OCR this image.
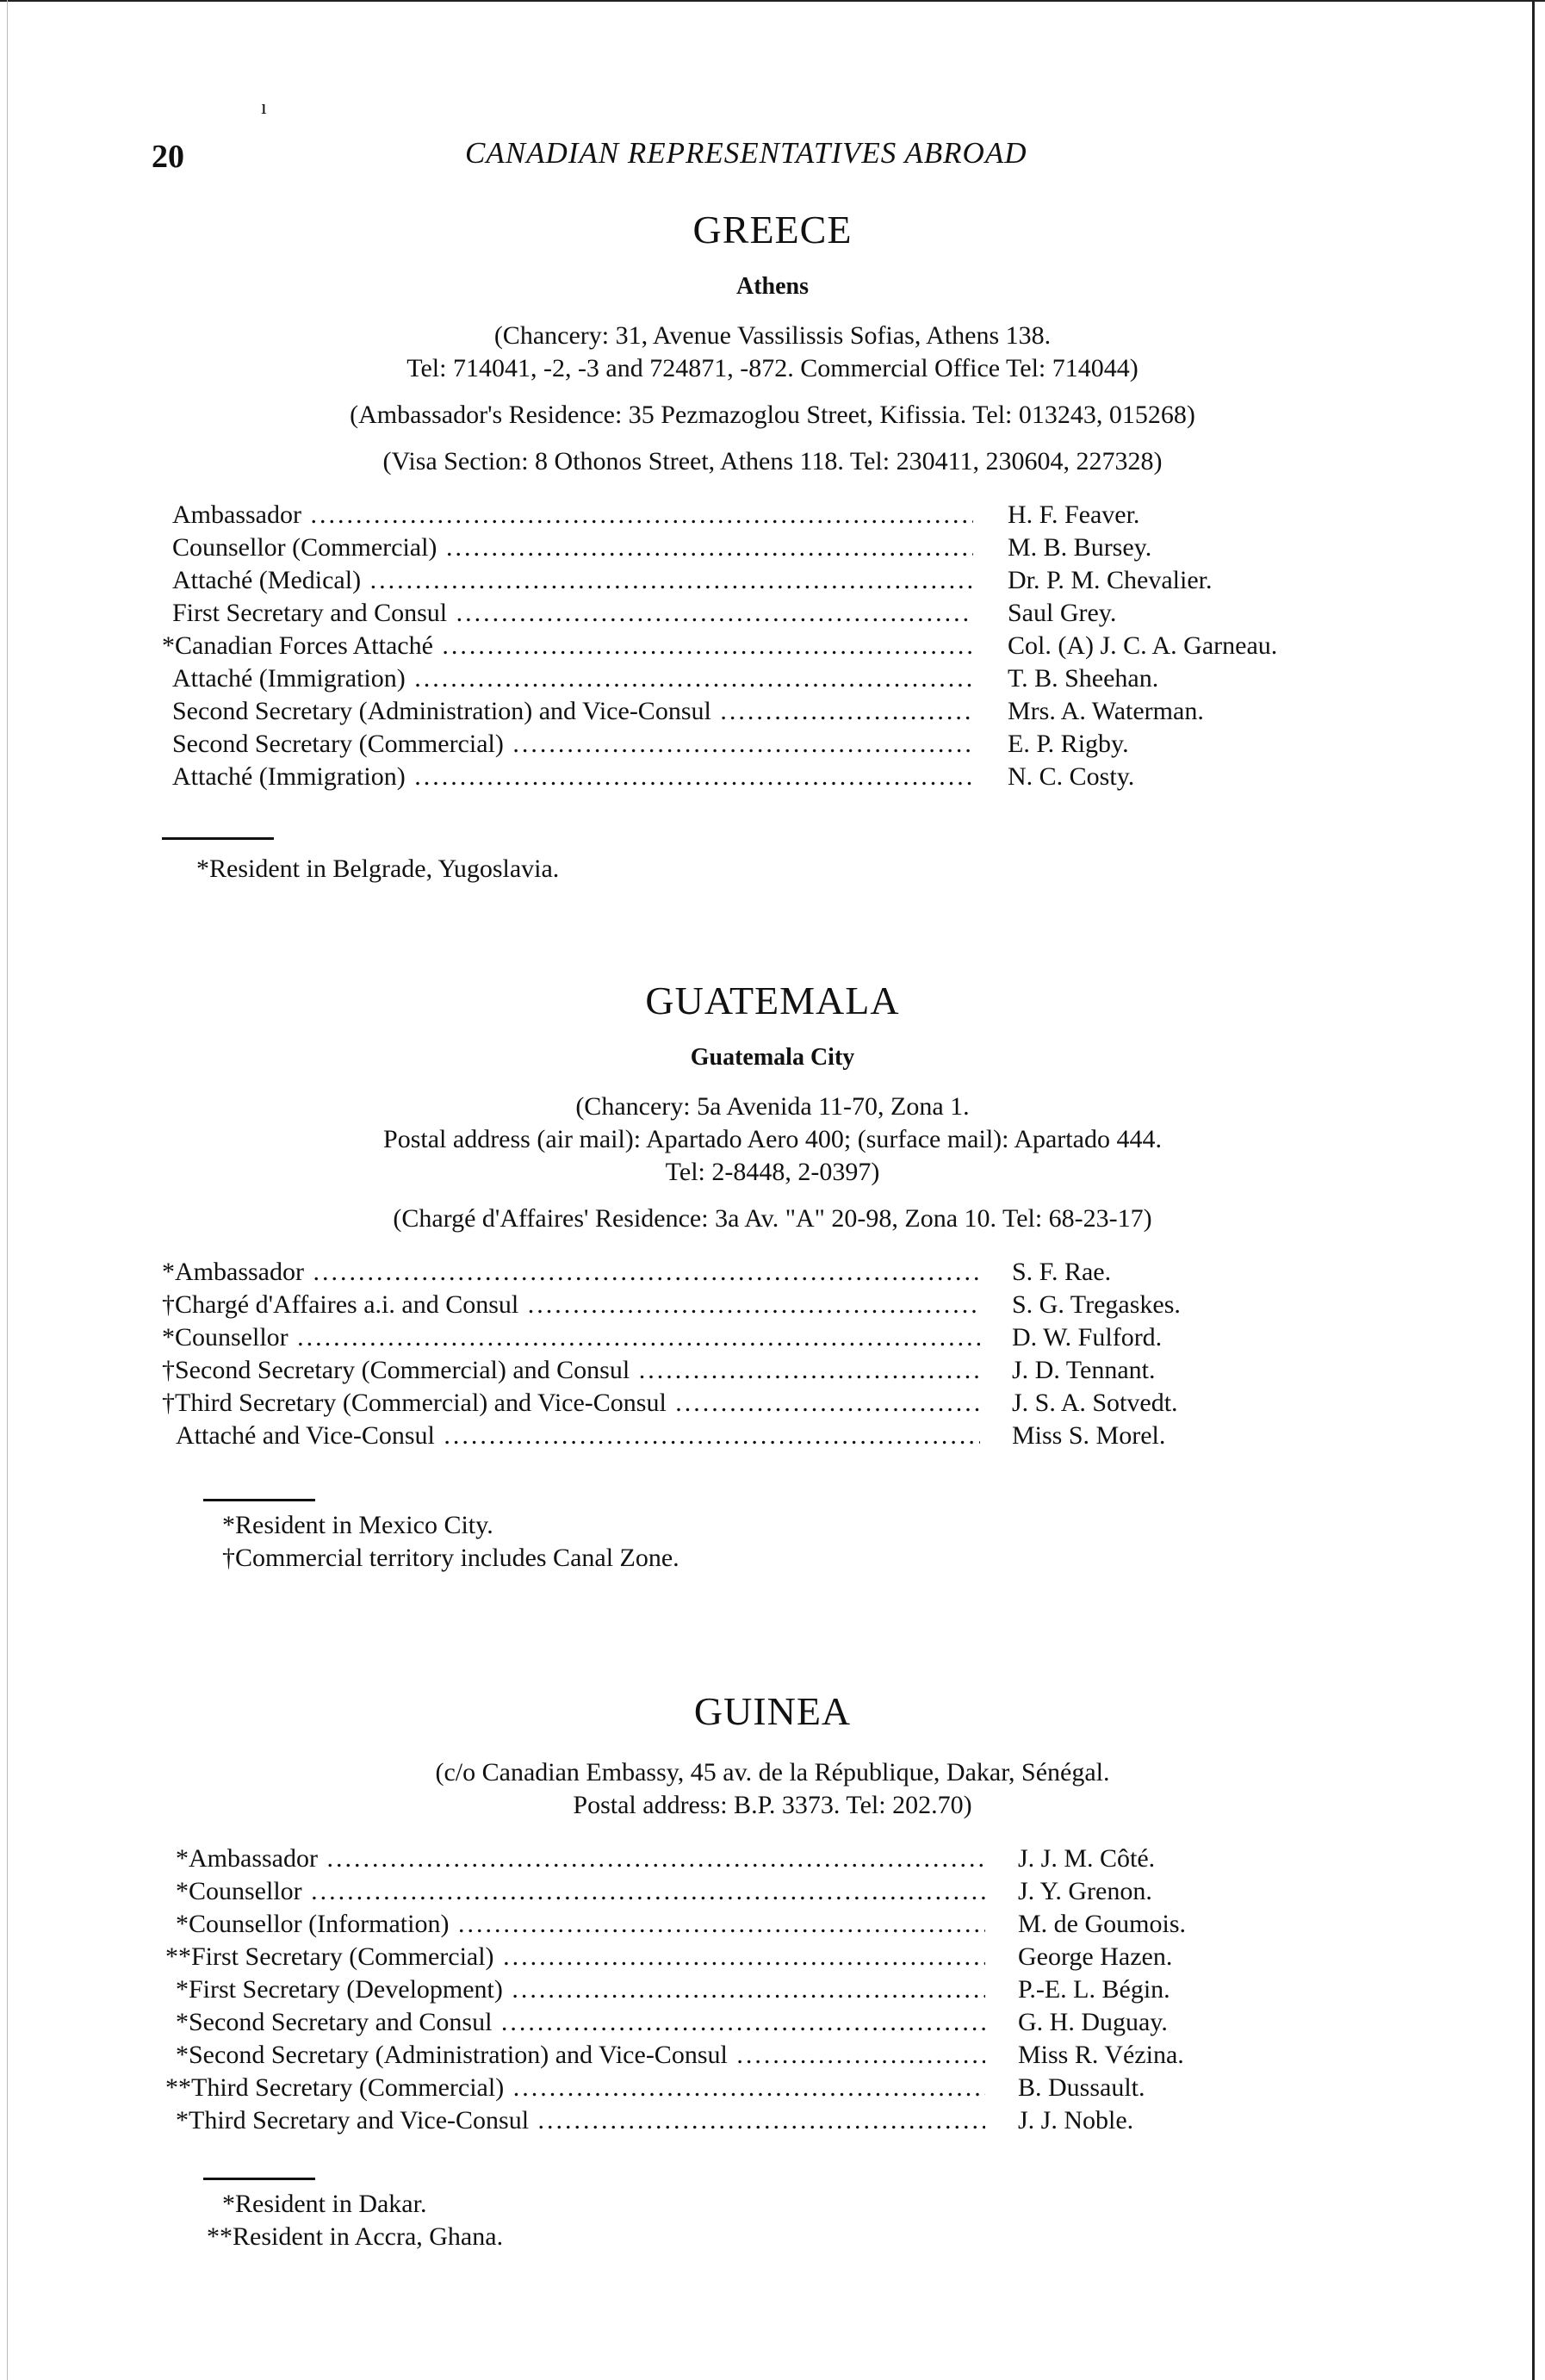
ı
20	CANADIAN REPRESENTATIVES ABROAD
GREECE
Athens
(Chancery: 31, Avenue Vassilissis Sofias, Athens 138.
Tel: 714041, -2, -3 and 724871, -872. Commercial Office Tel: 714044)
(Ambassador's Residence: 35 Pezmazoglou Street, Kifissia. Tel: 013243, 015268)
(Visa Section: 8 Othonos Street, Athens 118. Tel: 230411, 230604, 227328)
Ambassador .....	H. F. Feaver.
Counsellor (Commercial) .....	M. B. Bursey.
Attaché (Medical) .....	Dr. P. M. Chevalier.
First Secretary and Consul .....	Saul Grey.
*Canadian Forces Attaché .....	Col. (A) J. C. A. Garneau.
Attaché (Immigration) .....	T. B. Sheehan.
Second Secretary (Administration) and Vice-Consul .....	Mrs. A. Waterman.
Second Secretary (Commercial) .....	E. P. Rigby.
Attaché (Immigration) .....	N. C. Costy.
*Resident in Belgrade, Yugoslavia.
GUATEMALA
Guatemala City
(Chancery: 5a Avenida 11-70, Zona 1.
Postal address (air mail): Apartado Aero 400; (surface mail): Apartado 444.
Tel: 2-8448, 2-0397)
(Chargé d'Affaires' Residence: 3a Av. "A" 20-98, Zona 10. Tel: 68-23-17)
*Ambassador .....	S. F. Rae.
†Chargé d'Affaires a.i. and Consul .....	S. G. Tregaskes.
*Counsellor .....	D. W. Fulford.
†Second Secretary (Commercial) and Consul .....	J. D. Tennant.
†Third Secretary (Commercial) and Vice-Consul .....	J. S. A. Sotvedt.
Attaché and Vice-Consul .....	Miss S. Morel.
*Resident in Mexico City.
†Commercial territory includes Canal Zone.
GUINEA
(c/o Canadian Embassy, 45 av. de la République, Dakar, Sénégal.
Postal address: B.P. 3373. Tel: 202.70)
*Ambassador .....	J. J. M. Côté.
*Counsellor .....	J. Y. Grenon.
*Counsellor (Information) .....	M. de Goumois.
**First Secretary (Commercial) .....	George Hazen.
*First Secretary (Development) .....	P.-E. L. Bégin.
*Second Secretary and Consul .....	G. H. Duguay.
*Second Secretary (Administration) and Vice-Consul .....	Miss R. Vézina.
**Third Secretary (Commercial) .....	B. Dussault.
*Third Secretary and Vice-Consul .....	J. J. Noble.
*Resident in Dakar.
**Resident in Accra, Ghana.
